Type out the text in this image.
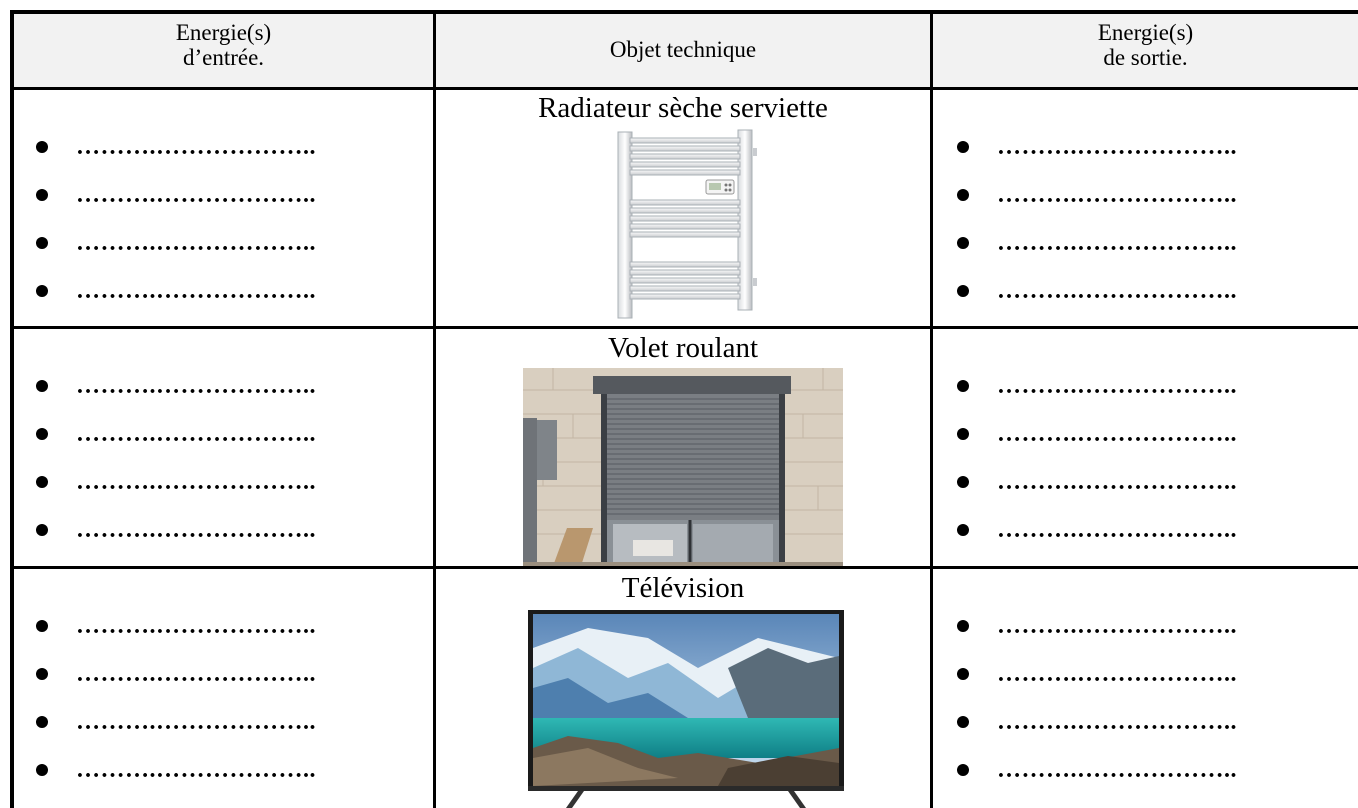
Energie(s)
d’entrée.	Objet technique
Energie(s)
de sortie.
……….………………..
……….………………..
……….………………..
……….………………..
Radiateur sèche serviette
……….………………..
……….………………..
……….………………..
……….………………..
……….………………..
……….………………..
……….………………..
……….………………..
Volet roulant
……….………………..
……….………………..
……….………………..
……….………………..
……….………………..
……….………………..
……….………………..
……….………………..
Télévision
……….………………..
……….………………..
……….………………..
……….………………..
